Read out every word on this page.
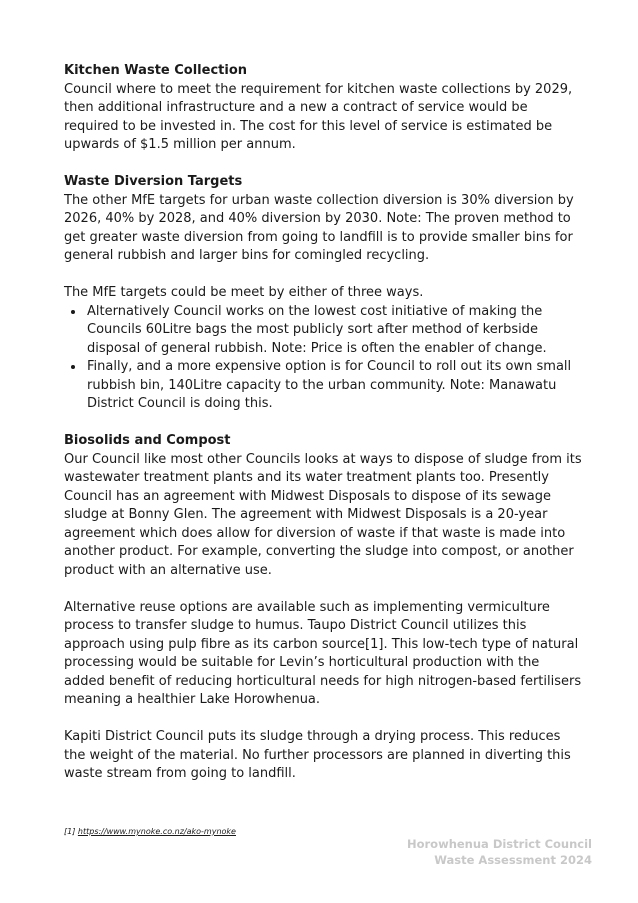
Kitchen Waste Collection

Council where to meet the requirement for kitchen waste collections by 2029, then additional infrastructure and a new a contract of service would be required to be invested in. The cost for this level of service is estimated be upwards of $1.5 million per annum.

Waste Diversion Targets

The other MfE targets for urban waste collection diversion is 30% diversion by 2026, 40% by 2028, and 40% diversion by 2030. Note: The proven method to get greater waste diversion from going to landfill is to provide smaller bins for general rubbish and larger bins for comingled recycling.

The MfE targets could be meet by either of three ways.

• Alternatively Council works on the lowest cost initiative of making the Councils 60Litre bags the most publicly sort after method of kerbside disposal of general rubbish. Note: Price is often the enabler of change.
• Finally, and a more expensive option is for Council to roll out its own small rubbish bin, 140Litre capacity to the urban community. Note: Manawatu District Council is doing this.
Biosolids and Compost

Our Council like most other Councils looks at ways to dispose of sludge from its wastewater treatment plants and its water treatment plants too. Presently Council has an agreement with Midwest Disposals to dispose of its sewage sludge at Bonny Glen. The agreement with Midwest Disposals is a 20-year agreement which does allow for diversion of waste if that waste is made into another product. For example, converting the sludge into compost, or another product with an alternative use.

Alternative reuse options are available such as implementing vermiculture process to transfer sludge to humus. Taupo District Council utilizes this approach using pulp fibre as its carbon source[1]. This low-tech type of natural processing would be suitable for Levin’s horticultural production with the added benefit of reducing horticultural needs for high nitrogen-based fertilisers meaning a healthier Lake Horowhenua.

Kapiti District Council puts its sludge through a drying process. This reduces the weight of the material. No further processors are planned in diverting this waste stream from going to landfill.

[1] https://www.mynoke.co.nz/ako-mynoke
Horowhenua District Council
Waste Assessment 2024
